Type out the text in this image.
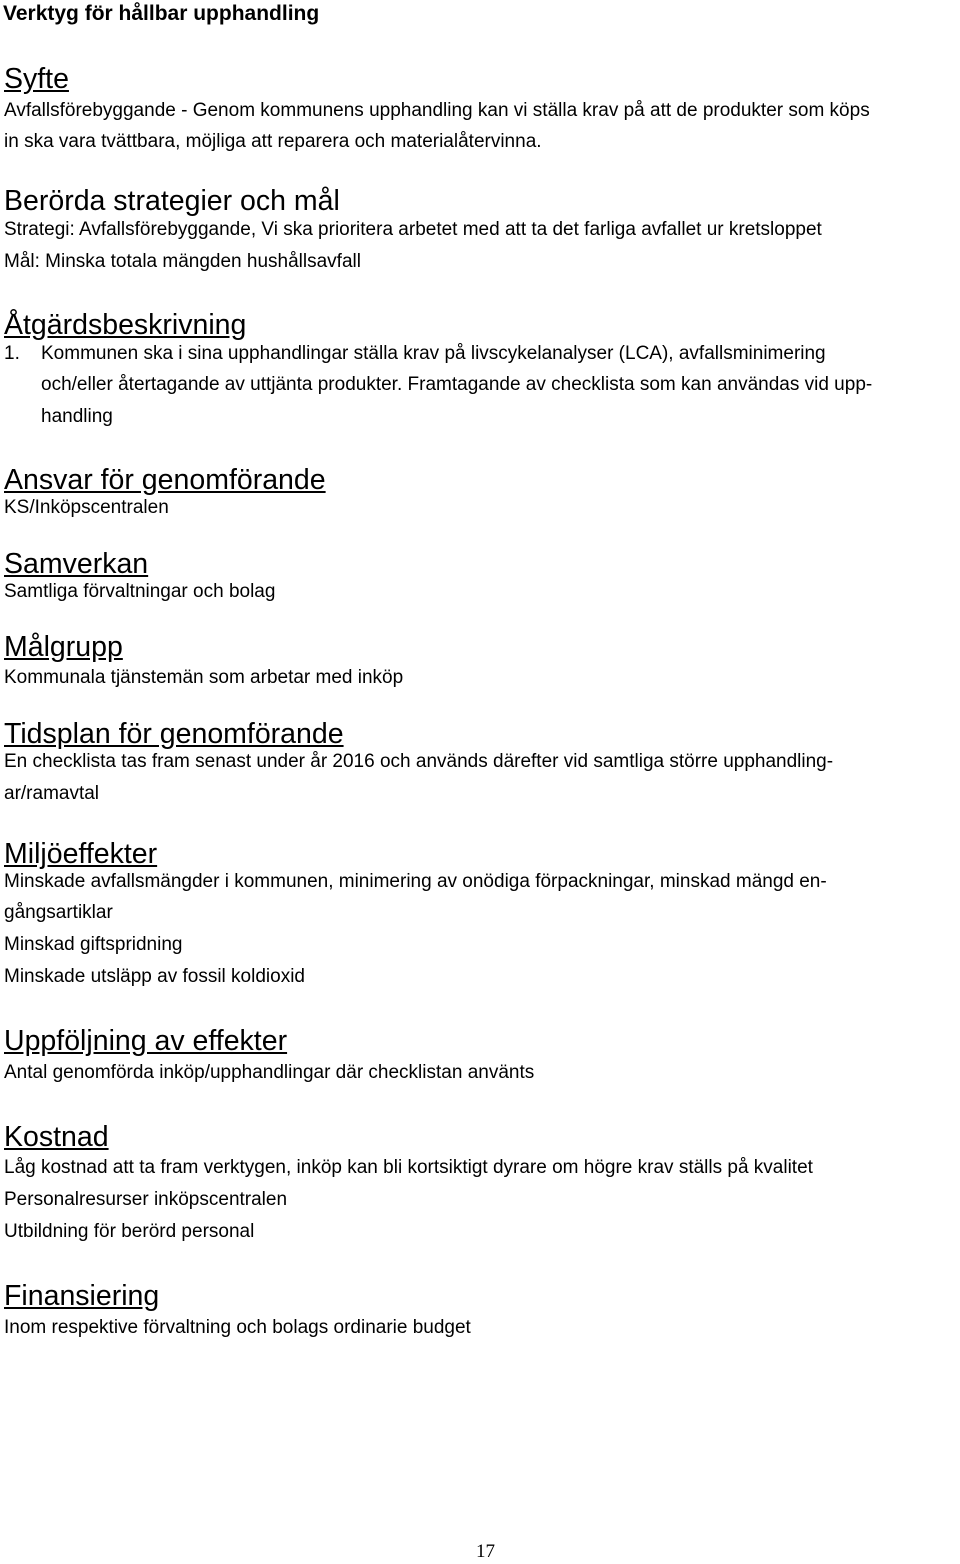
Verktyg för hållbar upphandling
Syfte

Avfallsförebyggande - Genom kommunens upphandling kan vi ställa krav på att de produkter som köps

in ska vara tvättbara, möjliga att reparera och materialåtervinna.

Berörda strategier och mål

Strategi: Avfallsförebyggande, Vi ska prioritera arbetet med att ta det farliga avfallet ur kretsloppet

Mål: Minska totala mängden hushållsavfall

Åtgärdsbeskrivning

1. Kommunen ska i sina upphandlingar ställa krav på livscykelanalyser (LCA), avfallsminimering

och/eller återtagande av uttjänta produkter. Framtagande av checklista som kan användas vid upp-

handling

Ansvar för genomförande

KS/Inköpscentralen

Samverkan

Samtliga förvaltningar och bolag

Målgrupp

Kommunala tjänstemän som arbetar med inköp

Tidsplan för genomförande

En checklista tas fram senast under år 2016 och används därefter vid samtliga större upphandling-

ar/ramavtal

Miljöeffekter

Minskade avfallsmängder i kommunen, minimering av onödiga förpackningar, minskad mängd en-

gångsartiklar

Minskad giftspridning

Minskade utsläpp av fossil koldioxid

Uppföljning av effekter

Antal genomförda inköp/upphandlingar där checklistan använts

Kostnad

Låg kostnad att ta fram verktygen, inköp kan bli kortsiktigt dyrare om högre krav ställs på kvalitet

Personalresurser inköpscentralen

Utbildning för berörd personal

Finansiering

Inom respektive förvaltning och bolags ordinarie budget

17
